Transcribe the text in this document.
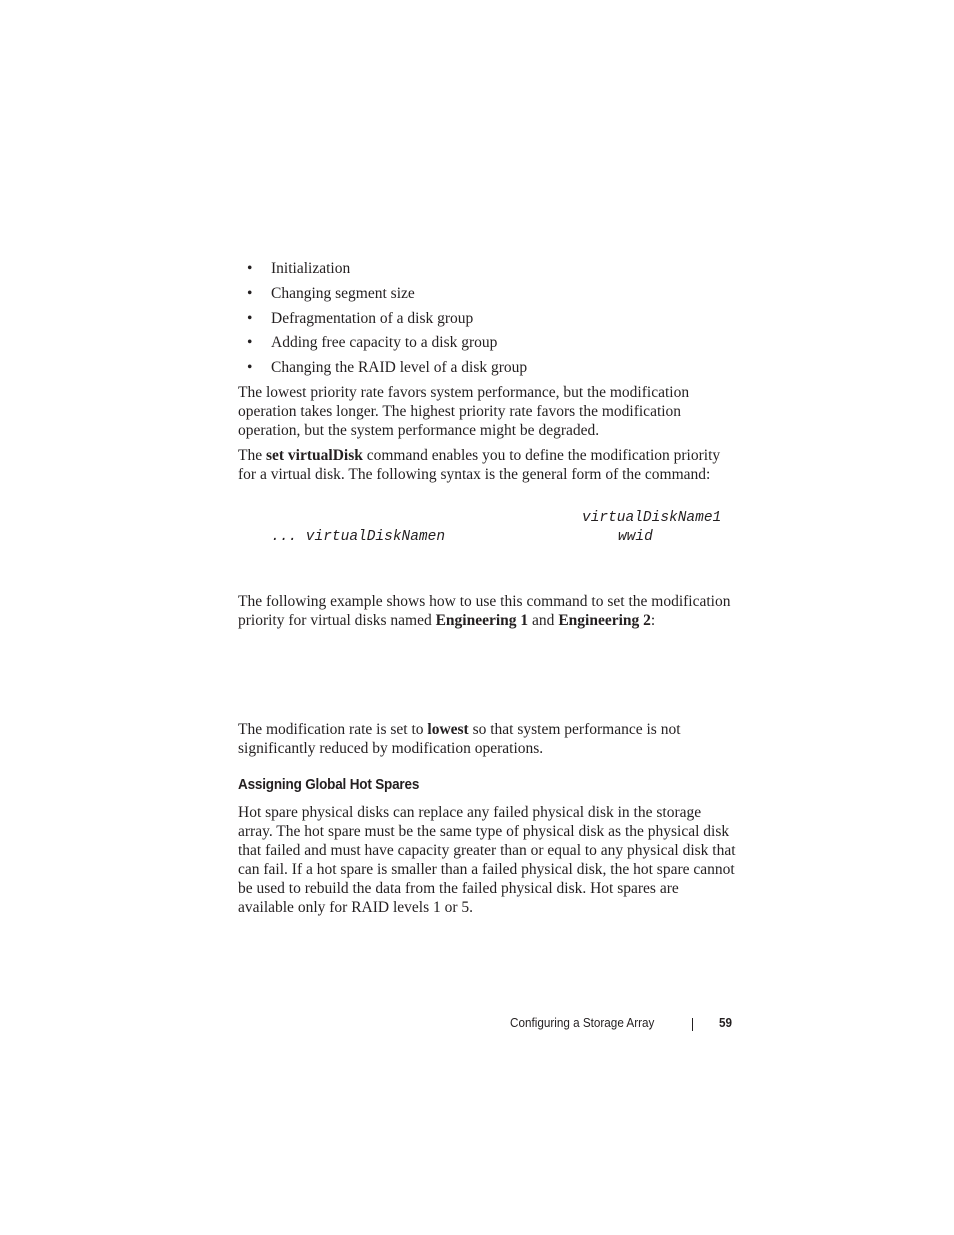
• Initialization
• Changing segment size
• Defragmentation of a disk group
• Adding free capacity to a disk group
• Changing the RAID level of a disk group

The lowest priority rate favors system performance, but the modification operation takes longer. The highest priority rate favors the modification operation, but the system performance might be degraded.

The set virtualDisk command enables you to define the modification priority for a virtual disk. The following syntax is the general form of the command:

virtualDiskName1
... virtualDiskNamen	wwid

The following example shows how to use this command to set the modification priority for virtual disks named Engineering 1 and Engineering 2:

The modification rate is set to lowest so that system performance is not significantly reduced by modification operations.

Assigning Global Hot Spares

Hot spare physical disks can replace any failed physical disk in the storage array. The hot spare must be the same type of physical disk as the physical disk that failed and must have capacity greater than or equal to any physical disk that can fail. If a hot spare is smaller than a failed physical disk, the hot spare cannot be used to rebuild the data from the failed physical disk. Hot spares are available only for RAID levels 1 or 5.

Configuring a Storage Array	59
